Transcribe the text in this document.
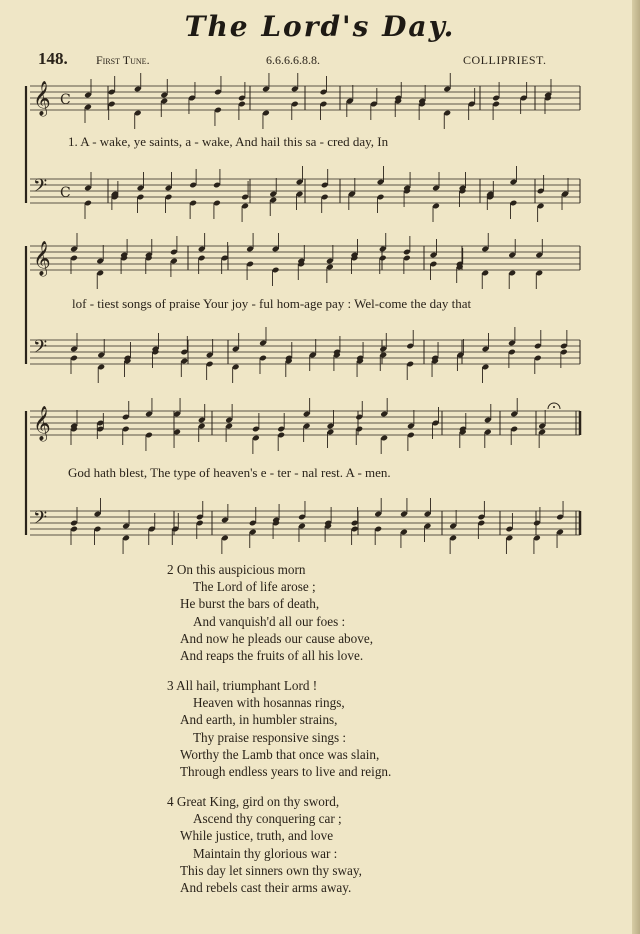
The Lord's Day.
148. First Tune.	6.6.6.6.8.8.	COLLIPRIEST.
𝄞 C
𝄢 C
𝄞
𝄢
𝄞
𝄢
1. A - wake, ye saints, a - wake, And hail this sa - cred day, In
lof - tiest songs of praise Your joy - ful hom-age pay : Wel-come the day that
God hath blest, The type of heaven's e - ter - nal rest. A - men.
2 On this auspicious morn
The Lord of life arose ;
He burst the bars of death,
And vanquish'd all our foes :
And now he pleads our cause above,
And reaps the fruits of all his love.
3 All hail, triumphant Lord !
Heaven with hosannas rings,
And earth, in humbler strains,
Thy praise responsive sings :
Worthy the Lamb that once was slain,
Through endless years to live and reign.
4 Great King, gird on thy sword,
Ascend thy conquering car ;
While justice, truth, and love
Maintain thy glorious war :
This day let sinners own thy sway,
And rebels cast their arms away.
